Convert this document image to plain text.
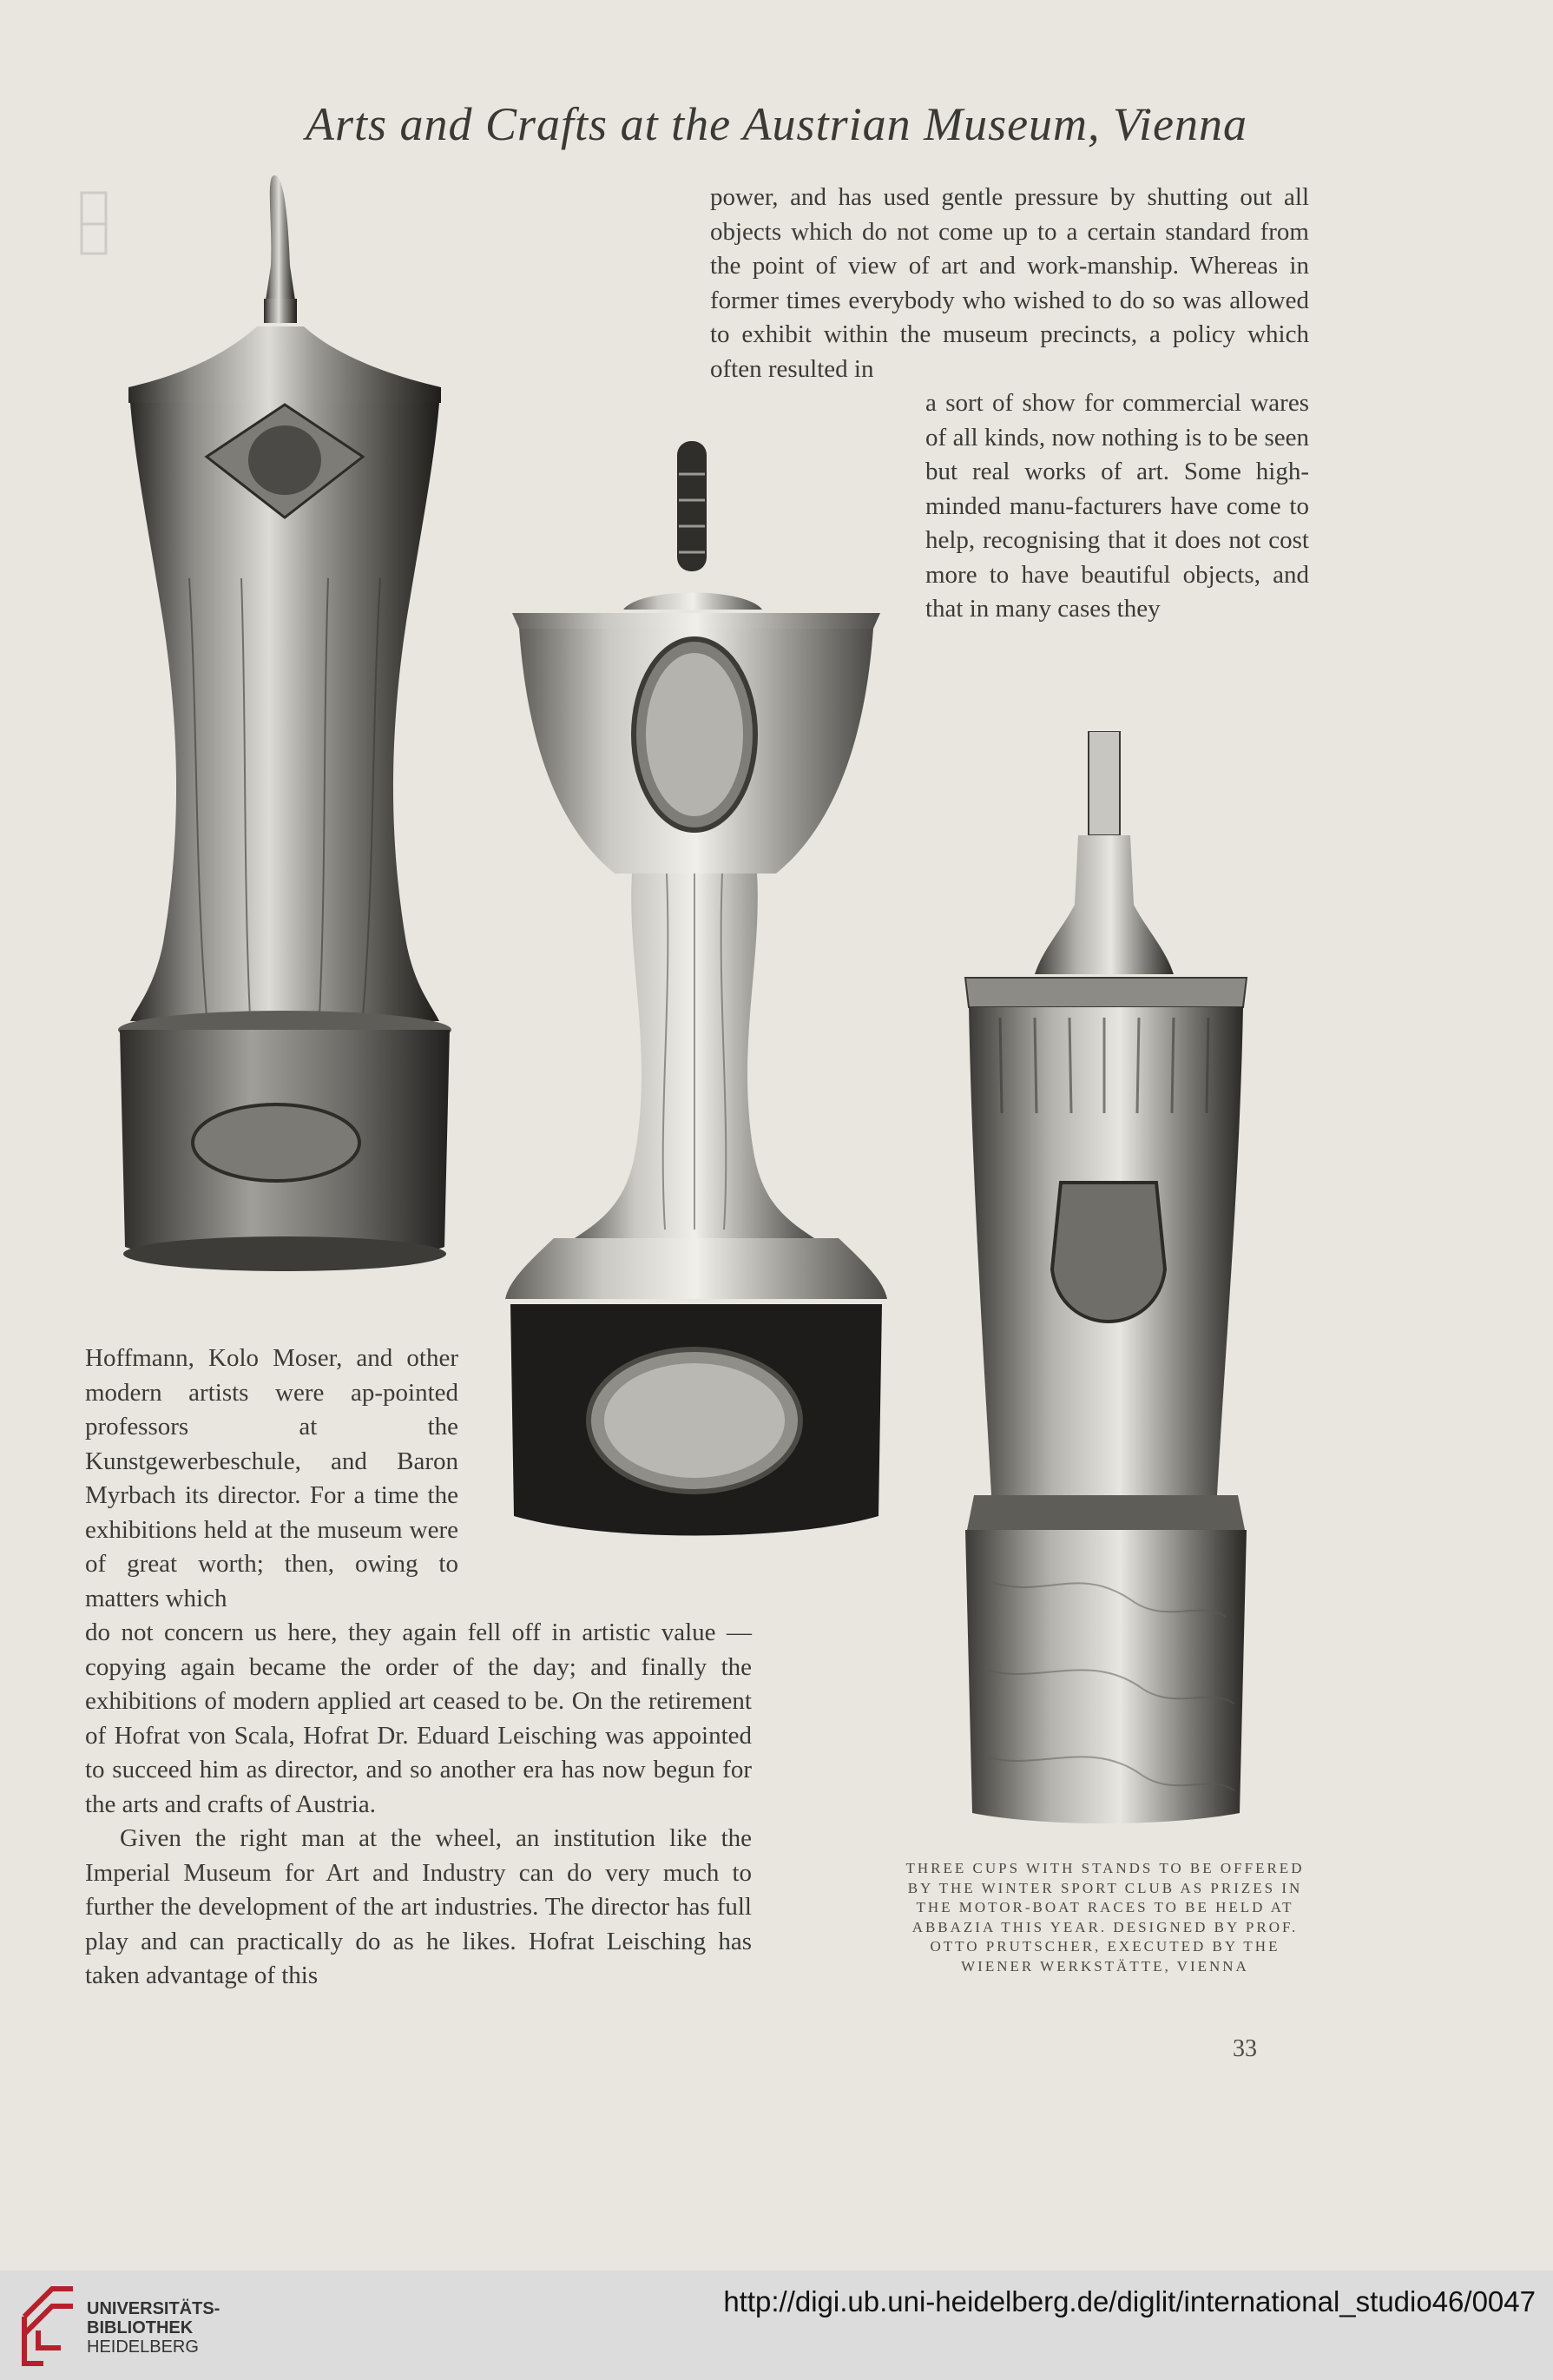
Arts and Crafts at the Austrian Museum, Vienna

power, and has used gentle pressure by shutting out all objects which do not come up to a certain standard from the point of view of art and work-manship. Whereas in former times everybody who wished to do so was allowed to exhibit within the museum precincts, a policy which often resulted in
a sort of show for commercial wares of all kinds, now nothing is to be seen but real works of art. Some high-minded manu-facturers have come to help, recognising that it does not cost more to have beautiful objects, and that in many cases they

Hoffmann, Kolo Moser, and other modern artists were ap-pointed professors at the Kunstgewerbeschule, and Baron Myrbach its director. For a time the exhibitions held at the museum were of great worth; then, owing to matters which
do not concern us here, they again fell off in artistic value —copying again became the order of the day; and finally the exhibitions of modern applied art ceased to be. On the retirement of Hofrat von Scala, Hofrat Dr. Eduard Leisching was appointed to succeed him as director, and so another era has now begun for the arts and crafts of Austria.
Given the right man at the wheel, an institution like the Imperial Museum for Art and Industry can do very much to further the development of the art industries. The director has full play and can practically do as he likes. Hofrat Leisching has taken advantage of this
THREE CUPS WITH STANDS TO BE OFFERED BY THE WINTER SPORT CLUB AS PRIZES IN THE MOTOR-BOAT RACES TO BE HELD AT ABBAZIA THIS YEAR. DESIGNED BY PROF. OTTO PRUTSCHER, EXECUTED BY THE WIENER WERKSTÄTTE, VIENNA
33
UNIVERSITÄTS-
BIBLIOTHEK
HEIDELBERG
http://digi.ub.uni-heidelberg.de/diglit/international_studio46/0047
